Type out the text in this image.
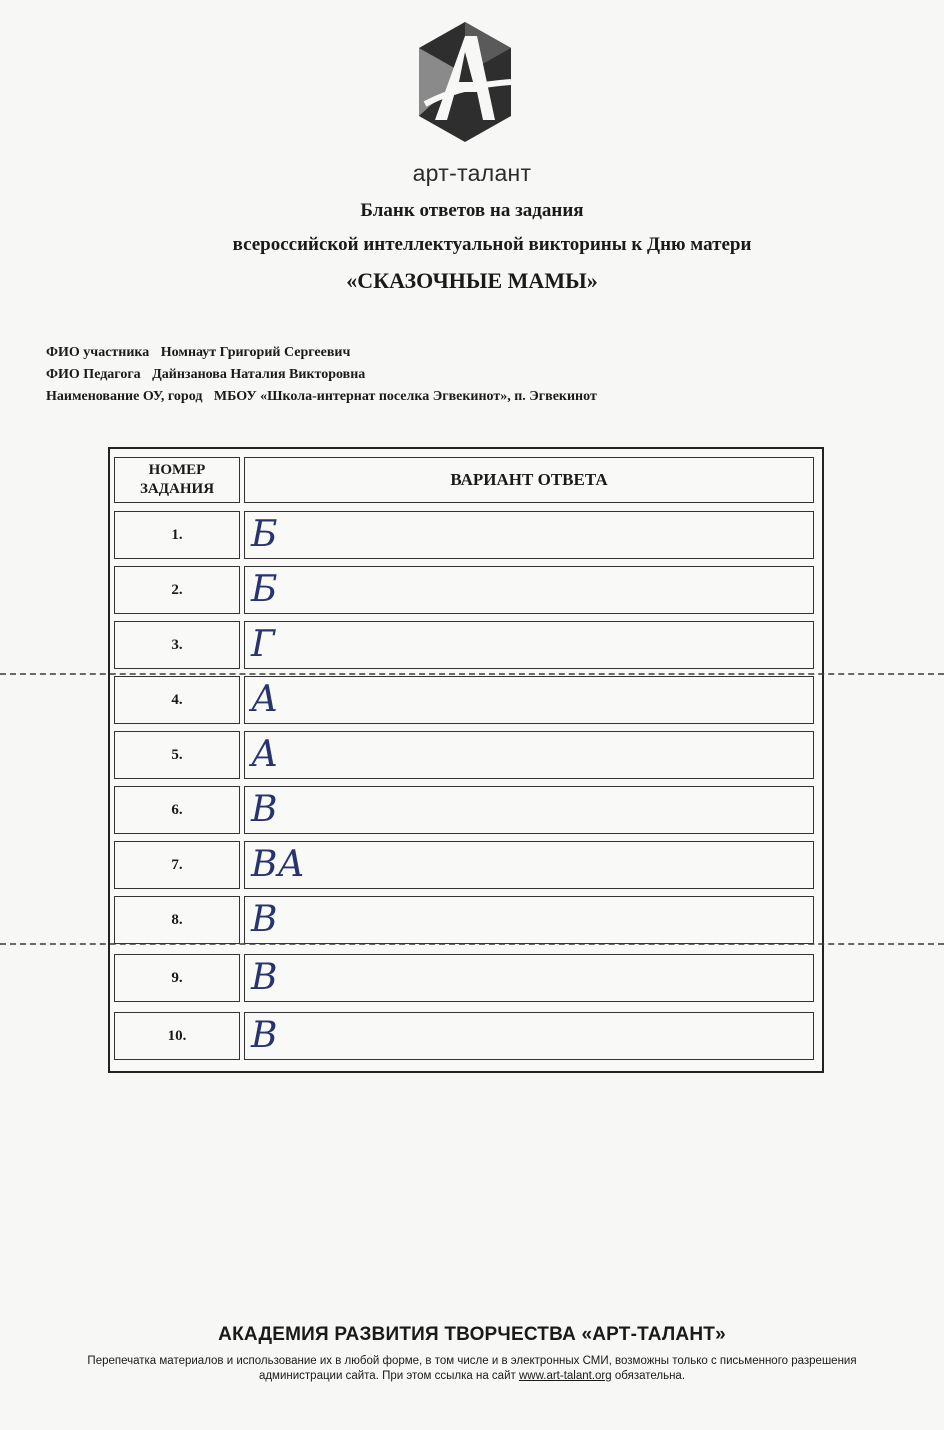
арт-талант
Бланк ответов на задания
всероссийской интеллектуальной викторины к Дню матери
«СКАЗОЧНЫЕ МАМЫ»
ФИО участника Номнаут Григорий Сергеевич
ФИО Педагога Дайнзанова Наталия Викторовна
Наименование ОУ, город МБОУ «Школа-интернат поселка Эгвекинот», п. Эгвекинот
НОМЕР
ЗАДАНИЯ	ВАРИАНТ ОТВЕТА
1.	Б
2.	Б
3.	Г
4.	А
5.	А
6.	В
7.	ВА
8.	В
9.	В
10.	В
АКАДЕМИЯ РАЗВИТИЯ ТВОРЧЕСТВА «АРТ-ТАЛАНТ»
Перепечатка материалов и использование их в любой форме, в том числе и в электронных СМИ, возможны только с письменного разрешения администрации сайта. При этом ссылка на сайт www.art-talant.org обязательна.
